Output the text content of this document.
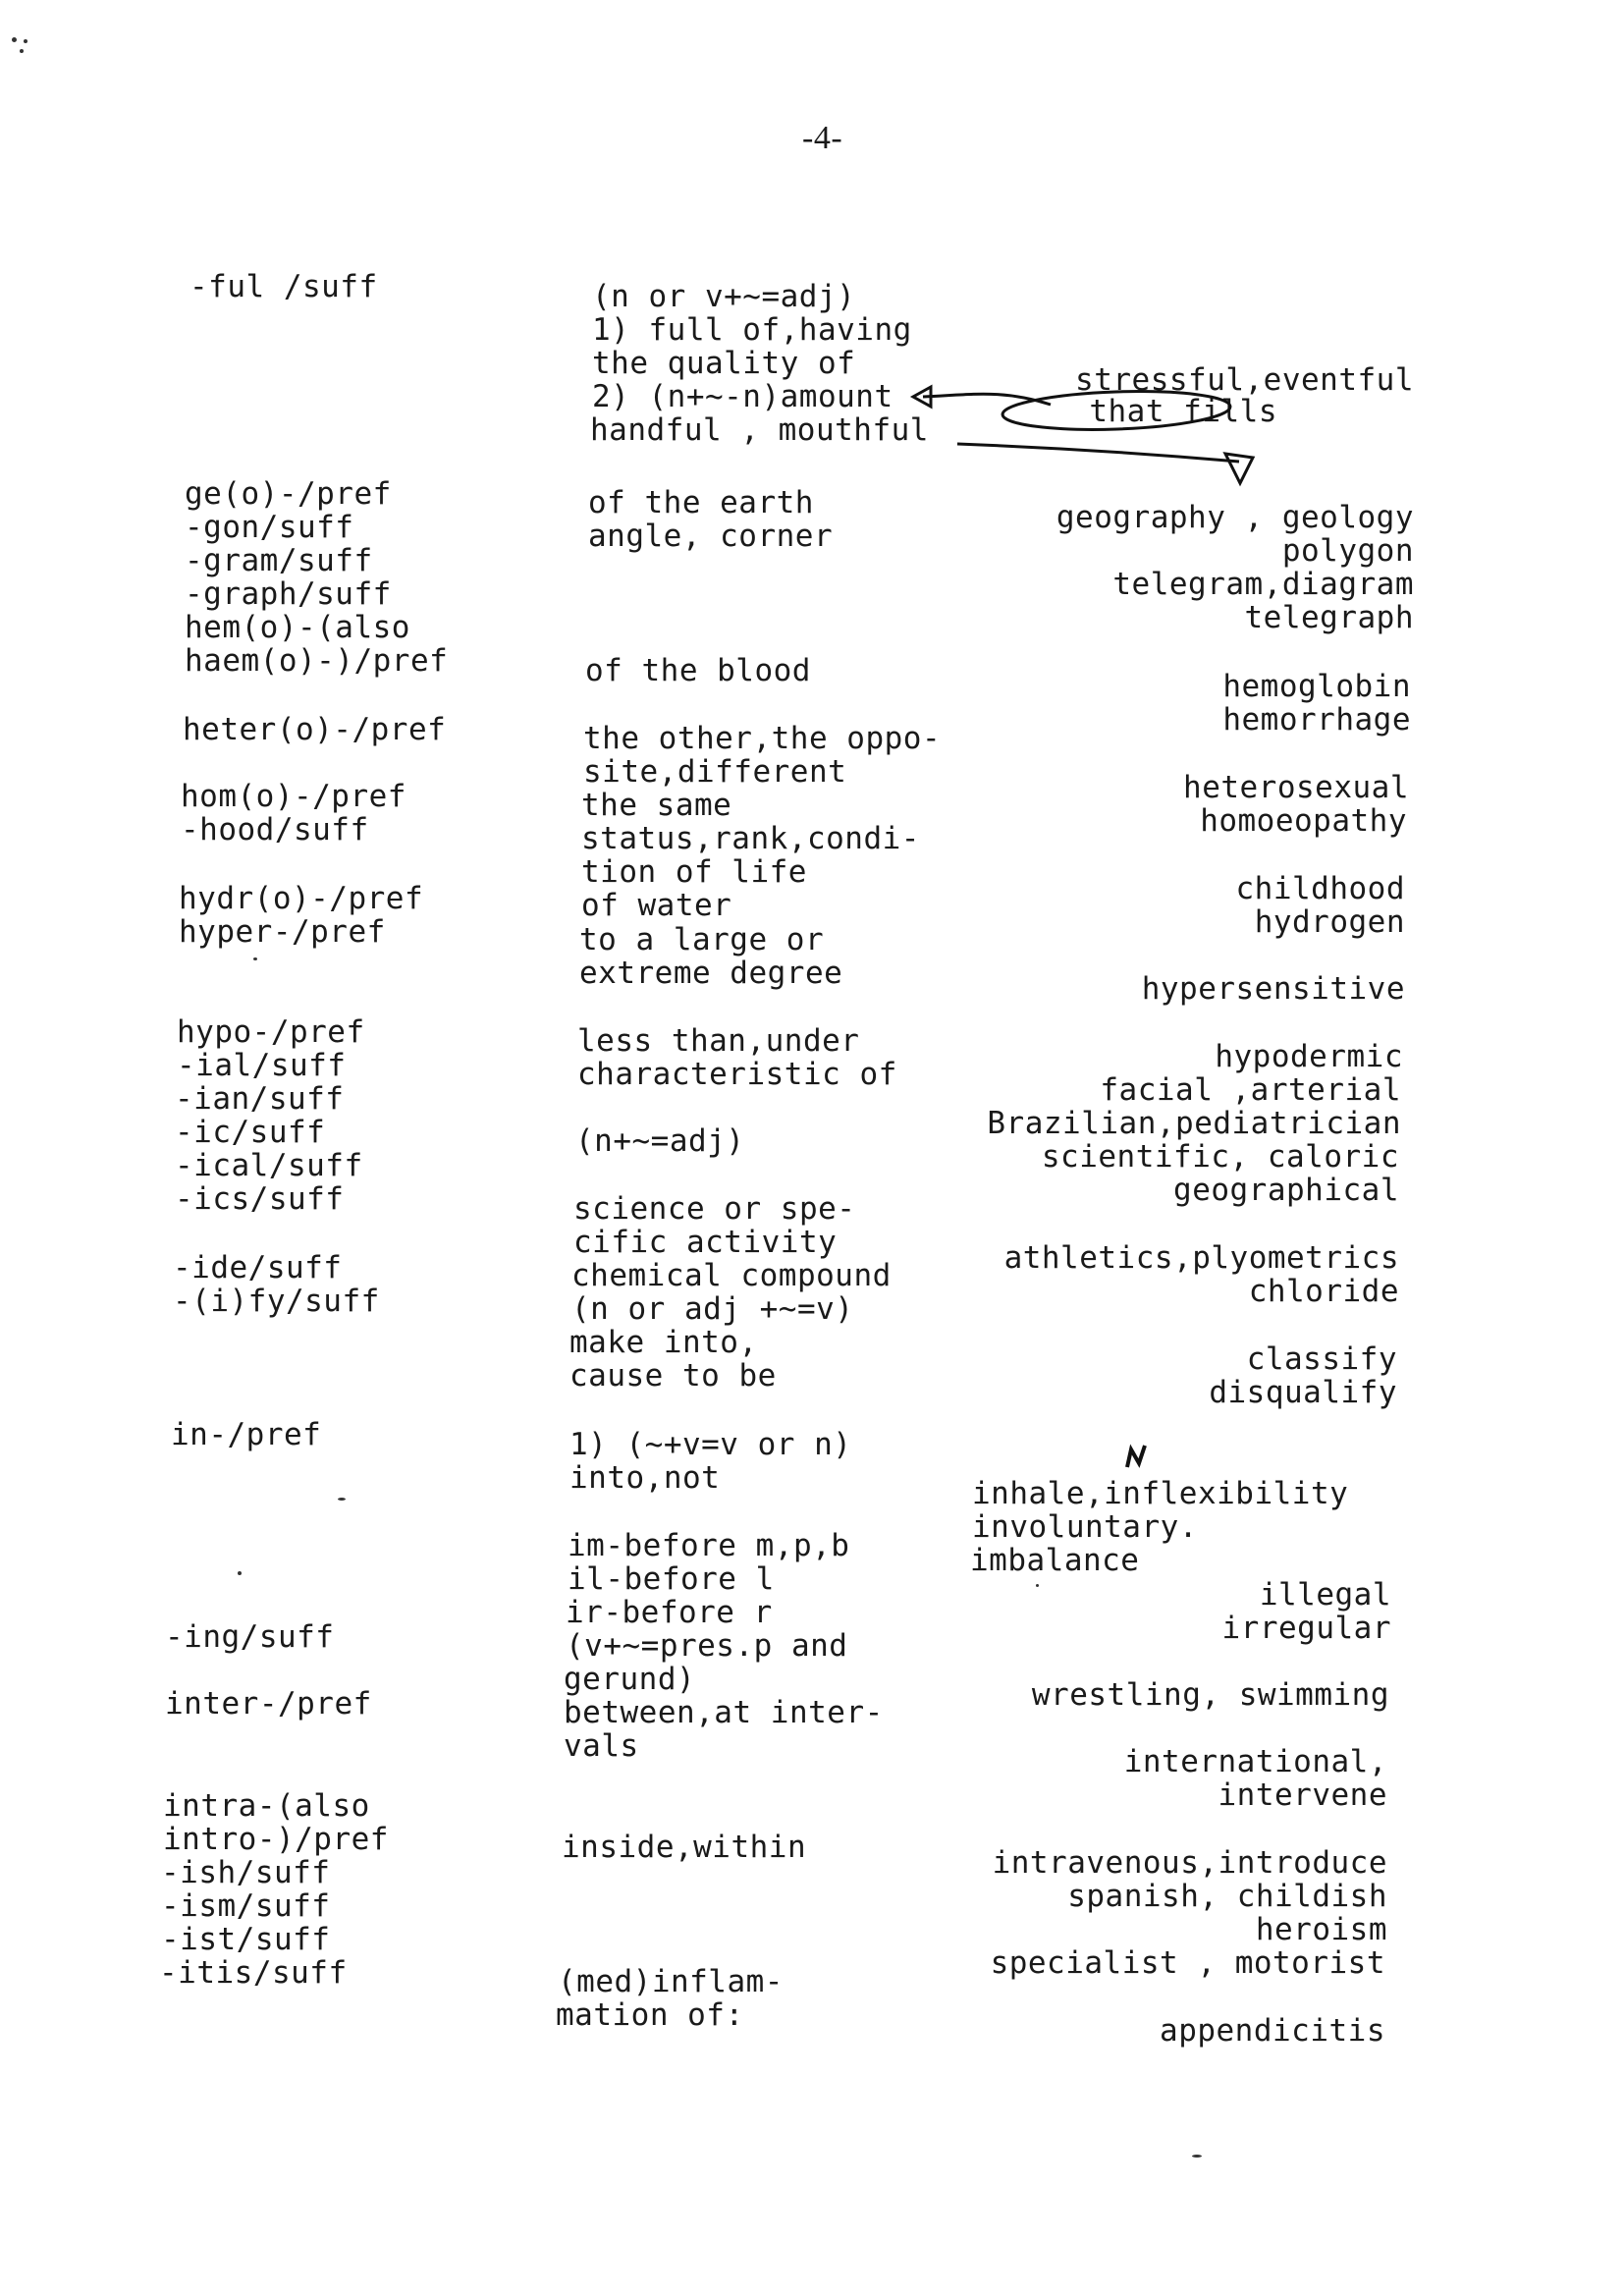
-4-
-ful /suff
ge(o)-/pref
-gon/suff
-gram/suff
-graph/suff
hem(o)-(also
haem(o)-)/pref
heter(o)-/pref
hom(o)-/pref
-hood/suff
hydr(o)-/pref
hyper-/pref
hypo-/pref
-ial/suff
-ian/suff
-ic/suff
-ical/suff
-ics/suff
-ide/suff
-(i)fy/suff
in-/pref
-ing/suff
inter-/pref
intra-(also
intro-)/pref
-ish/suff
-ism/suff
-ist/suff
-itis/suff
(n or v+~=adj)
1) full of,having
the quality of
2) (n+~-n)amount
handful , mouthful
of the earth
angle, corner
of the blood
the other,the oppo-
site,different
the same
status,rank,condi-
tion of life
of water
to a large or
extreme degree
less than,under
characteristic of
(n+~=adj)
science or spe-
cific activity
chemical compound
(n or adj +~=v)
make into,
cause to be
1) (~+v=v or n)
into,not
im-before m,p,b
il-before l
ir-before r
(v+~=pres.p and
gerund)
between,at inter-
vals
inside,within
(med)inflam-
mation of:
stressful,eventful
that fills
geography , geology
polygon
telegram,diagram
telegraph
hemoglobin
hemorrhage
heterosexual
homoeopathy
childhood
hydrogen
hypersensitive
hypodermic
facial ,arterial
Brazilian,pediatrician
scientific, caloric
geographical
athletics,plyometrics
chloride
classify
disqualify
inhale,inflexibility
involuntary.
imbalance
illegal
irregular
wrestling, swimming
international,
intervene
intravenous,introduce
spanish, childish
heroism
specialist , motorist
appendicitis
